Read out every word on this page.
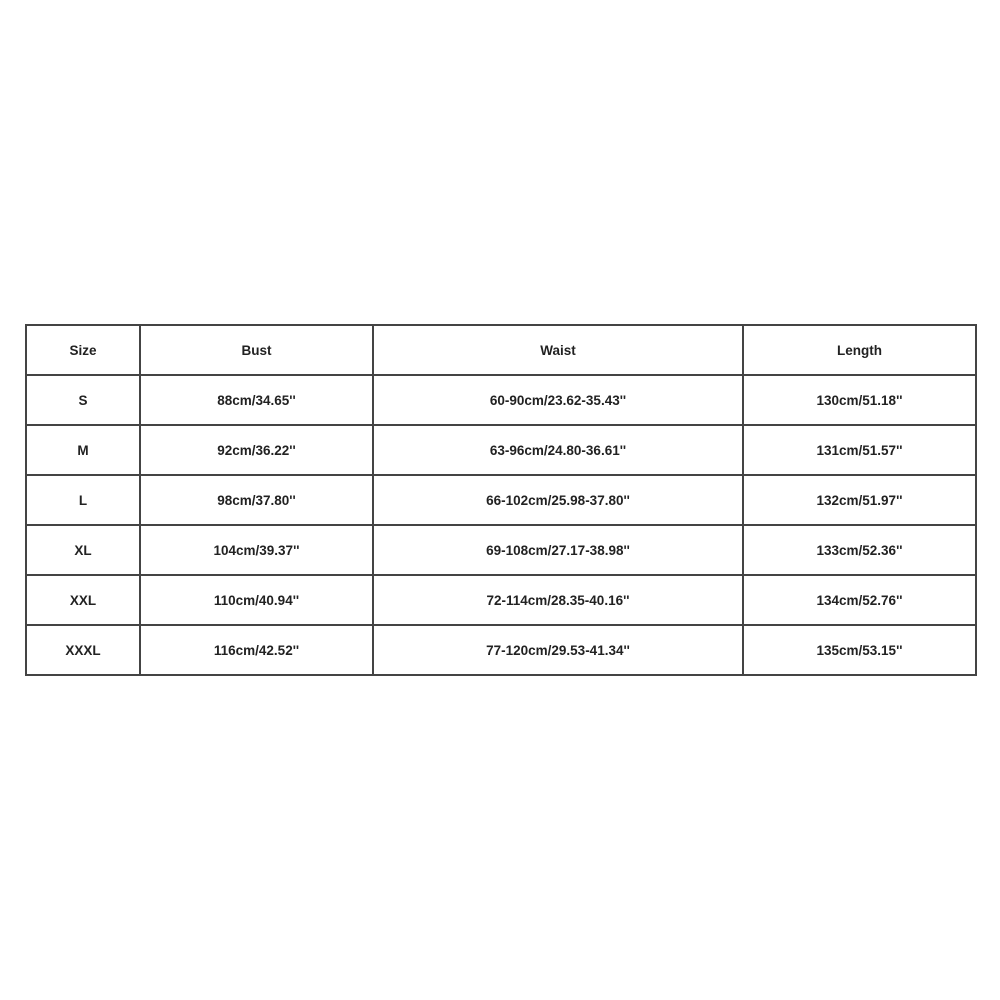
Size	Bust	Waist	Length
S	88cm/34.65''	60-90cm/23.62-35.43''	130cm/51.18''
M	92cm/36.22''	63-96cm/24.80-36.61''	131cm/51.57''
L	98cm/37.80''	66-102cm/25.98-37.80''	132cm/51.97''
XL	104cm/39.37''	69-108cm/27.17-38.98''	133cm/52.36''
XXL	110cm/40.94''	72-114cm/28.35-40.16''	134cm/52.76''
XXXL	116cm/42.52''	77-120cm/29.53-41.34''	135cm/53.15''
